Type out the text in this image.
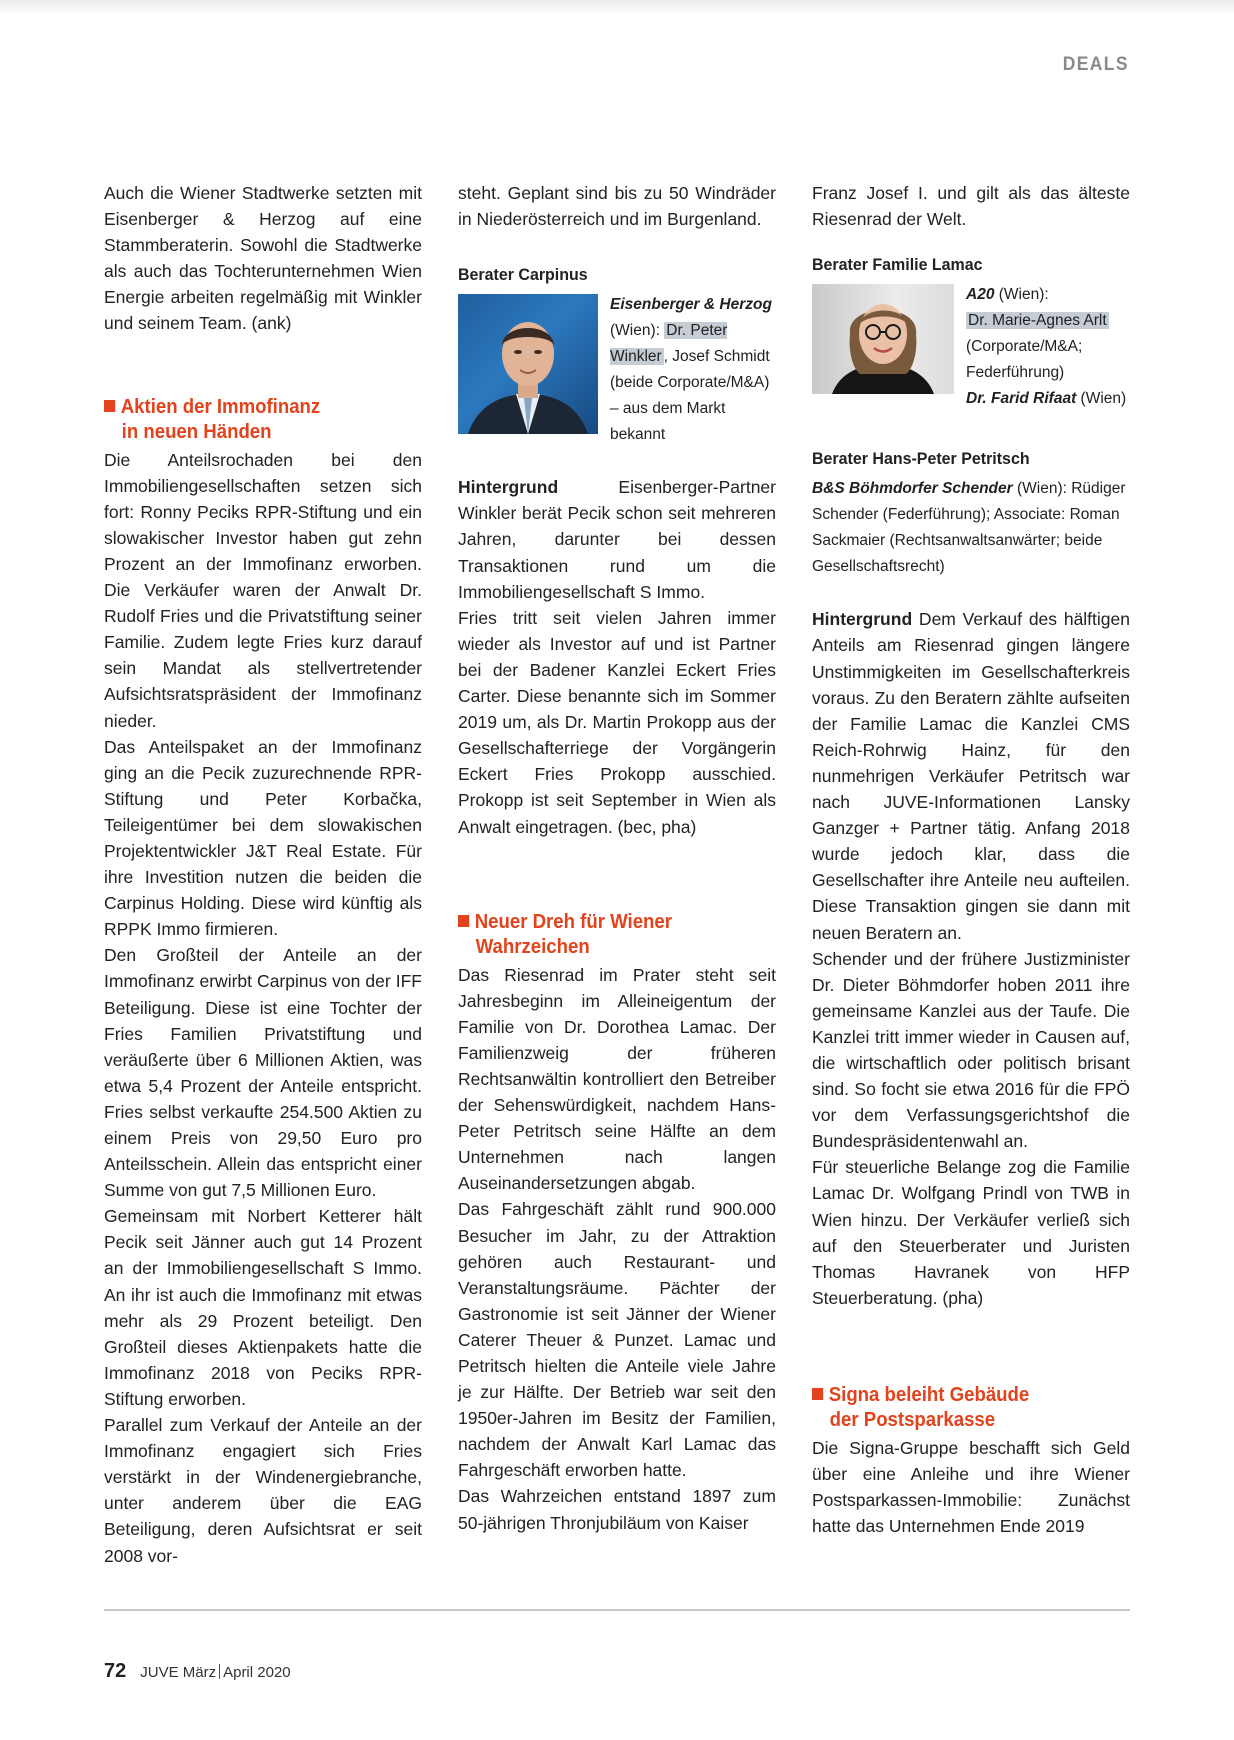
DEALS

Auch die Wiener Stadtwerke setzten mit Eisenberger & Herzog auf eine Stammberaterin. Sowohl die Stadtwerke als auch das Tochterunternehmen Wien Energie arbeiten regelmäßig mit Winkler und seinem Team. (ank)

Aktien der Immofinanz
in neuen Händen

Die Anteilsrochaden bei den Immobiliengesellschaften setzen sich fort: Ronny Peciks RPR-Stiftung und ein slowakischer Investor haben gut zehn Prozent an der Immofinanz erworben. Die Verkäufer waren der Anwalt Dr. Rudolf Fries und die Privatstiftung seiner Familie. Zudem legte Fries kurz darauf sein Mandat als stellvertretender Aufsichtsratspräsident der Immofinanz nieder.

Das Anteilspaket an der Immofinanz ging an die Pecik zuzurechnende RPR-Stiftung und Peter Korbačka, Teileigentümer bei dem slowakischen Projektentwickler J&T Real Estate. Für ihre Investition nutzen die beiden die Carpinus Holding. Diese wird künftig als RPPK Immo firmieren.

Den Großteil der Anteile an der Immofinanz erwirbt Carpinus von der IFF Beteiligung. Diese ist eine Tochter der Fries Familien Privatstiftung und veräußerte über 6 Millionen Aktien, was etwa 5,4 Prozent der Anteile entspricht. Fries selbst verkaufte 254.500 Aktien zu einem Preis von 29,50 Euro pro Anteilsschein. Allein das entspricht einer Summe von gut 7,5 Millionen Euro.

Gemeinsam mit Norbert Ketterer hält Pecik seit Jänner auch gut 14 Prozent an der Immobiliengesellschaft S Immo. An ihr ist auch die Immofinanz mit etwas mehr als 29 Prozent beteiligt. Den Großteil dieses Aktienpakets hatte die Immofinanz 2018 von Peciks RPR-Stiftung erworben.

Parallel zum Verkauf der Anteile an der Immofinanz engagiert sich Fries verstärkt in der Windenergiebranche, unter anderem über die EAG Beteiligung, deren Aufsichtsrat er seit 2008 vor-

steht. Geplant sind bis zu 50 Windräder in Niederösterreich und im Burgenland.

Berater Carpinus
Eisenberger & Herzog (Wien): Dr. Peter Winkler , Josef Schmidt (beide Corporate/M&A) – aus dem Markt bekannt

Hintergrund Eisenberger-Partner Winkler berät Pecik schon seit mehreren Jahren, darunter bei dessen Transaktionen rund um die Immobiliengesellschaft S Immo.

Fries tritt seit vielen Jahren immer wieder als Investor auf und ist Partner bei der Badener Kanzlei Eckert Fries Carter. Diese benannte sich im Sommer 2019 um, als Dr. Martin Prokopp aus der Gesellschafterriege der Vorgängerin Eckert Fries Prokopp ausschied. Prokopp ist seit September in Wien als Anwalt eingetragen. (bec, pha)

Neuer Dreh für Wiener
Wahrzeichen

Das Riesenrad im Prater steht seit Jahresbeginn im Alleineigentum der Familie von Dr. Dorothea Lamac. Der Familienzweig der früheren Rechtsanwältin kontrolliert den Betreiber der Sehenswürdigkeit, nachdem Hans-Peter Petritsch seine Hälfte an dem Unternehmen nach langen Auseinandersetzungen abgab.

Das Fahrgeschäft zählt rund 900.000 Besucher im Jahr, zu der Attraktion gehören auch Restaurant- und Veranstaltungsräume. Pächter der Gastronomie ist seit Jänner der Wiener Caterer Theuer & Punzet. Lamac und Petritsch hielten die Anteile viele Jahre je zur Hälfte. Der Betrieb war seit den 1950er-Jahren im Besitz der Familien, nachdem der Anwalt Karl Lamac das Fahrgeschäft erworben hatte.

Das Wahrzeichen entstand 1897 zum 50-jährigen Thronjubiläum von Kaiser

Franz Josef I. und gilt als das älteste Riesenrad der Welt.

Berater Familie Lamac
A20 (Wien):
Dr. Marie-Agnes Arlt
(Corporate/M&A; Federführung)
Dr. Farid Rifaat (Wien)
Berater Hans-Peter Petritsch
B&S Böhmdorfer Schender (Wien): Rüdiger Schender (Federführung); Associate: Roman Sackmaier (Rechtsanwaltsanwärter; beide Gesellschaftsrecht)

Hintergrund Dem Verkauf des hälftigen Anteils am Riesenrad gingen längere Unstimmigkeiten im Gesellschafterkreis voraus. Zu den Beratern zählte aufseiten der Familie Lamac die Kanzlei CMS Reich-Rohrwig Hainz, für den nunmehrigen Verkäufer Petritsch war nach JUVE-Informationen Lansky Ganzger + Partner tätig. Anfang 2018 wurde jedoch klar, dass die Gesellschafter ihre Anteile neu aufteilen. Diese Transaktion gingen sie dann mit neuen Beratern an.

Schender und der frühere Justizminister Dr. Dieter Böhmdorfer hoben 2011 ihre gemeinsame Kanzlei aus der Taufe. Die Kanzlei tritt immer wieder in Causen auf, die wirtschaftlich oder politisch brisant sind. So focht sie etwa 2016 für die FPÖ vor dem Verfassungsgerichtshof die Bundespräsidentenwahl an.

Für steuerliche Belange zog die Familie Lamac Dr. Wolfgang Prindl von TWB in Wien hinzu. Der Verkäufer verließ sich auf den Steuerberater und Juristen Thomas Havranek von HFP Steuerberatung. (pha)

Signa beleiht Gebäude
der Postsparkasse

Die Signa-Gruppe beschafft sich Geld über eine Anleihe und ihre Wiener Postsparkassen-Immobilie: Zunächst hatte das Unternehmen Ende 2019

72 JUVE März April 2020
